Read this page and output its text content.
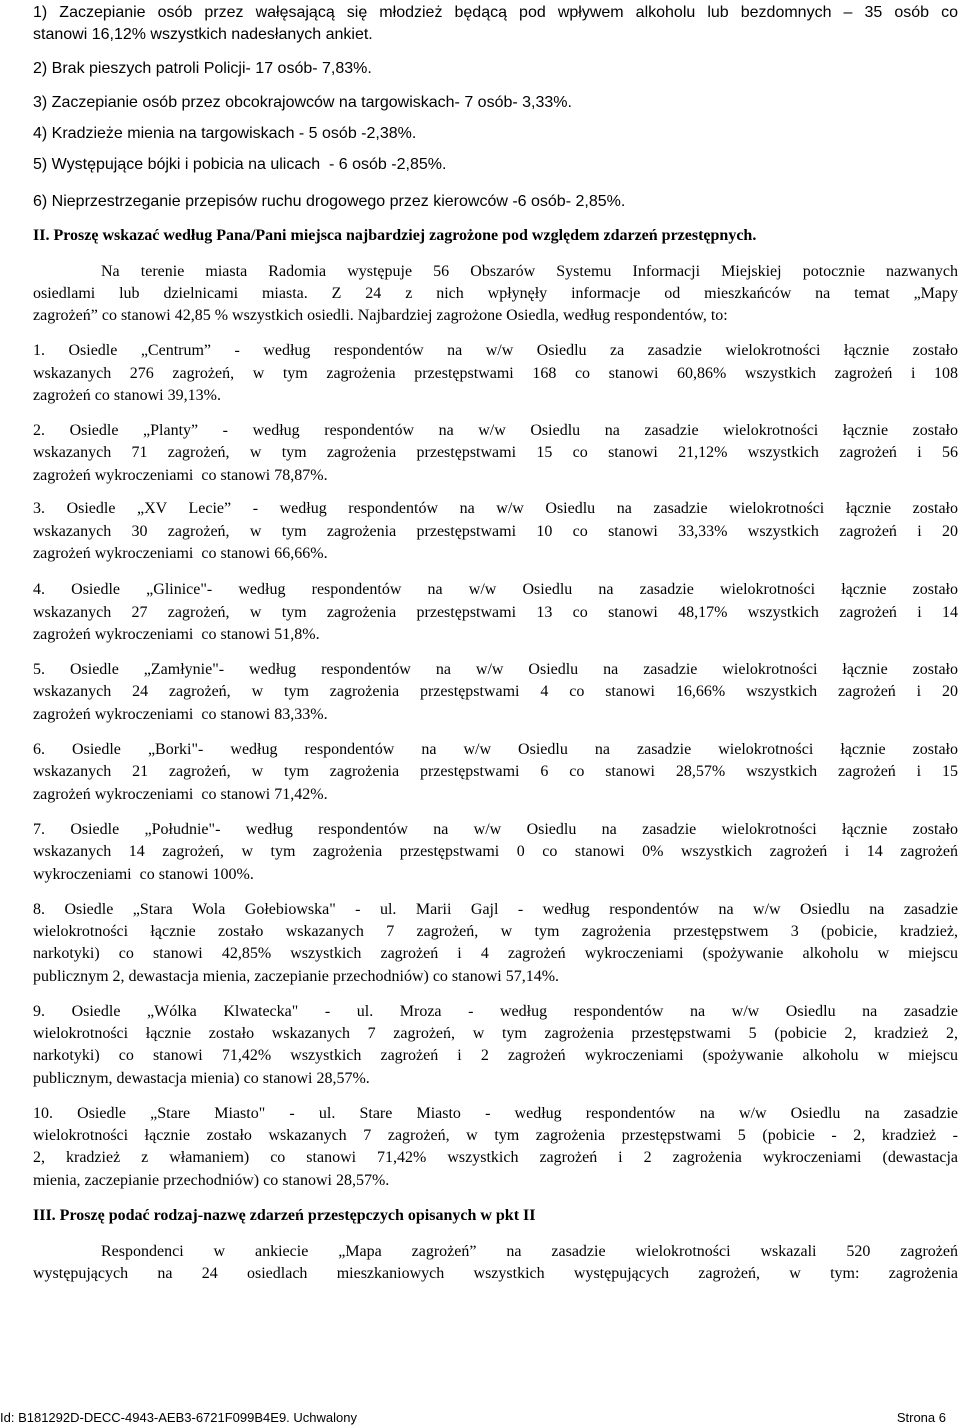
1) Zaczepianie osób przez wałęsającą się młodzież będącą pod wpływem alkoholu lub bezdomnych – 35 osób co
stanowi 16,12% wszystkich nadesłanych ankiet.
2) Brak pieszych patroli Policji- 17 osób- 7,83%.
3) Zaczepianie osób przez obcokrajowców na targowiskach- 7 osób- 3,33%.
4) Kradzieże mienia na targowiskach - 5 osób -2,38%.
5) Występujące bójki i pobicia na ulicach  - 6 osób -2,85%.
6) Nieprzestrzeganie przepisów ruchu drogowego przez kierowców -6 osób- 2,85%.
II. Proszę wskazać według Pana/Pani miejsca najbardziej zagrożone pod względem zdarzeń przestępnych.
Na terenie miasta Radomia występuje 56 Obszarów Systemu Informacji Miejskiej potocznie nazwanych
osiedlami lub dzielnicami miasta. Z 24 z nich wpłynęły informacje od mieszkańców na temat „Mapy
zagrożeń” co stanowi 42,85 % wszystkich osiedli. Najbardziej zagrożone Osiedla, według respondentów, to:
1. Osiedle „Centrum” - według respondentów na w/w Osiedlu za zasadzie wielokrotności łącznie zostało
wskazanych 276 zagrożeń, w tym zagrożenia przestępstwami 168 co stanowi 60,86% wszystkich zagrożeń i 108
zagrożeń co stanowi 39,13%.
2. Osiedle „Planty” - według respondentów na w/w Osiedlu na zasadzie wielokrotności łącznie zostało
wskazanych 71 zagrożeń, w tym zagrożenia przestępstwami 15 co stanowi 21,12% wszystkich zagrożeń i 56
zagrożeń wykroczeniami  co stanowi 78,87%.
3. Osiedle „XV Lecie” - według respondentów na w/w Osiedlu na zasadzie wielokrotności łącznie zostało
wskazanych 30 zagrożeń, w tym zagrożenia przestępstwami 10 co stanowi 33,33% wszystkich zagrożeń i 20
zagrożeń wykroczeniami  co stanowi 66,66%.
4. Osiedle „Glinice"- według respondentów na w/w Osiedlu na zasadzie wielokrotności łącznie zostało
wskazanych 27 zagrożeń, w tym zagrożenia przestępstwami 13 co stanowi 48,17% wszystkich zagrożeń i 14
zagrożeń wykroczeniami  co stanowi 51,8%.
5. Osiedle „Zamłynie"- według respondentów na w/w Osiedlu na zasadzie wielokrotności łącznie zostało
wskazanych 24 zagrożeń, w tym zagrożenia przestępstwami 4 co stanowi 16,66% wszystkich zagrożeń i 20
zagrożeń wykroczeniami  co stanowi 83,33%.
6. Osiedle „Borki"- według respondentów na w/w Osiedlu na zasadzie wielokrotności łącznie zostało
wskazanych 21 zagrożeń, w tym zagrożenia przestępstwami 6 co stanowi 28,57% wszystkich zagrożeń i 15
zagrożeń wykroczeniami  co stanowi 71,42%.
7. Osiedle „Południe"- według respondentów na w/w Osiedlu na zasadzie wielokrotności łącznie zostało
wskazanych 14 zagrożeń, w tym zagrożenia przestępstwami 0 co stanowi 0% wszystkich zagrożeń i 14 zagrożeń
wykroczeniami  co stanowi 100%.
8. Osiedle „Stara Wola Gołebiowska" - ul. Marii Gajl - według respondentów na w/w Osiedlu na zasadzie
wielokrotności łącznie zostało wskazanych 7 zagrożeń, w tym zagrożenia przestępstwem 3 (pobicie, kradzież,
narkotyki) co stanowi 42,85% wszystkich zagrożeń i 4 zagrożeń wykroczeniami (spożywanie alkoholu w miejscu
publicznym 2, dewastacja mienia, zaczepianie przechodniów) co stanowi 57,14%.
9. Osiedle „Wólka Klwatecka" - ul. Mroza - według respondentów na w/w Osiedlu na zasadzie
wielokrotności łącznie zostało wskazanych 7 zagrożeń, w tym zagrożenia przestępstwami 5 (pobicie 2, kradzież 2,
narkotyki) co stanowi 71,42% wszystkich zagrożeń i 2 zagrożeń wykroczeniami (spożywanie alkoholu w miejscu
publicznym, dewastacja mienia) co stanowi 28,57%.
10. Osiedle „Stare Miasto" - ul. Stare Miasto - według respondentów na w/w Osiedlu na zasadzie
wielokrotności łącznie zostało wskazanych 7 zagrożeń, w tym zagrożenia przestępstwami 5 (pobicie - 2, kradzież -
2, kradzież z włamaniem) co stanowi 71,42% wszystkich zagrożeń i 2 zagrożenia wykroczeniami (dewastacja
mienia, zaczepianie przechodniów) co stanowi 28,57%.
III. Proszę podać rodzaj-nazwę zdarzeń przestępczych opisanych w pkt II
Respondenci w ankiecie „Mapa zagrożeń” na zasadzie wielokrotności wskazali 520 zagrożeń
występujących na 24 osiedlach mieszkaniowych wszystkich występujących zagrożeń, w tym: zagrożenia
Id: B181292D-DECC-4943-AEB3-6721F099B4E9. Uchwalony	Strona 6
